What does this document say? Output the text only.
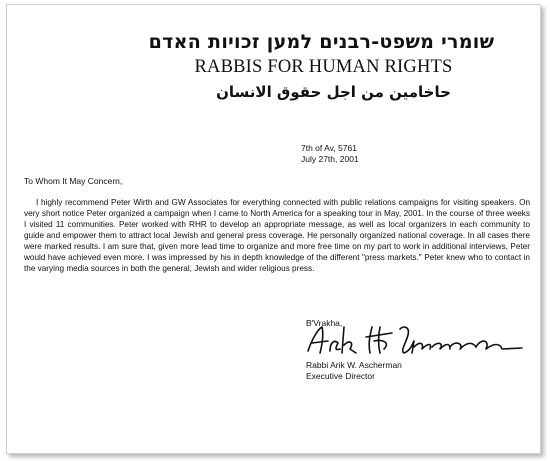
שומרי משפט-רבנים למען זכויות האדם
RABBIS FOR HUMAN RIGHTS
حاخامين من اجل حقوق الانسان
7th of Av, 5761
July 27th, 2001
To Whom It May Concern,

I highly recommend Peter Wirth and GW Associates for everything connected with public relations campaigns for visiting speakers. On very short notice Peter organized a campaign when I came to North America for a speaking tour in May, 2001. In the course of three weeks I visited 11 communities. Peter worked with RHR to develop an appropriate message, as well as local organizers in each community to guide and empower them to attract local Jewish and general press coverage. He personally organized national coverage. In all cases there were marked results. I am sure that, given more lead time to organize and more free time on my part to work in additional interviews, Peter would have achieved even more. I was impressed by his in depth knowledge of the different "press markets." Peter knew who to contact in the varying media sources in both the general, Jewish and wider religious press.

B'Vrakha,
Rabbi Arik W. Ascherman
Executive Director
